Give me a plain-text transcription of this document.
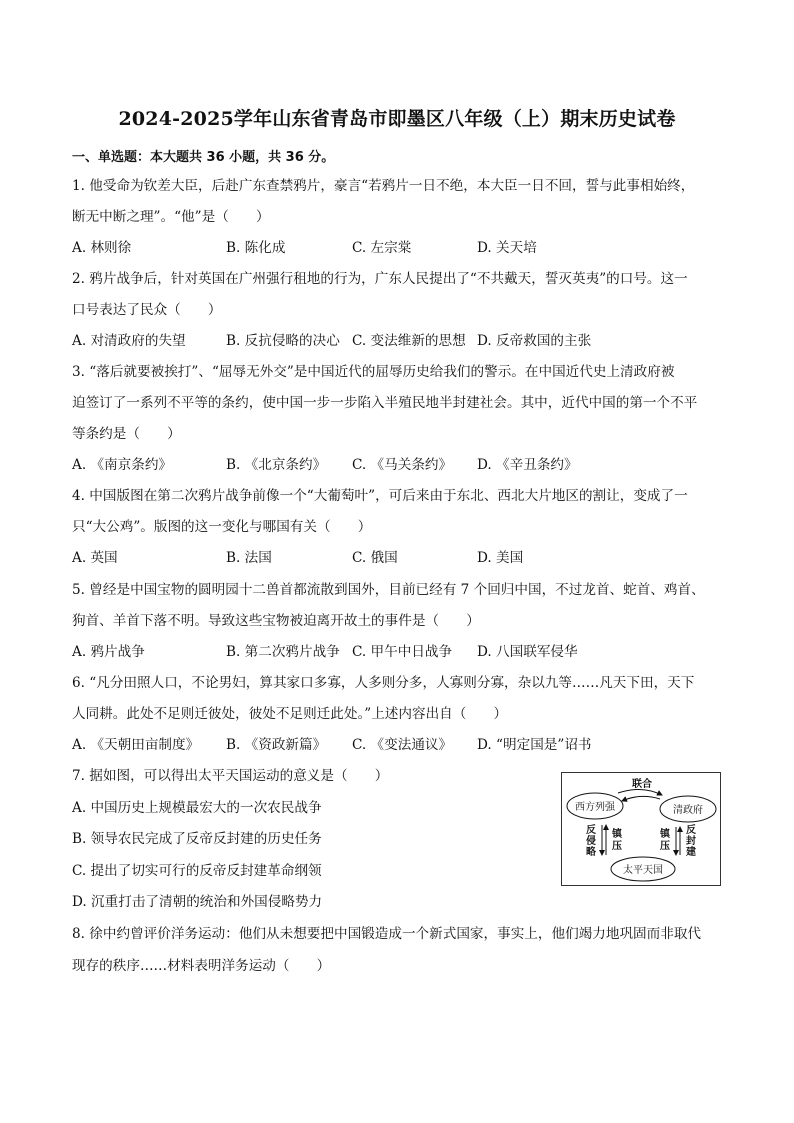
2024-2025学年山东省青岛市即墨区八年级（上）期末历史试卷
一、单选题：本大题共 36 小题，共 36 分。
1. 他受命为钦差大臣，后赴广东查禁鸦片，豪言“若鸦片一日不绝，本大臣一日不回，誓与此事相始终，
断无中断之理”。“他”是（　　）
A. 林则徐	B. 陈化成	C. 左宗棠	D. 关天培
2. 鸦片战争后，针对英国在广州强行租地的行为，广东人民提出了“不共戴天，誓灭英夷”的口号。这一
口号表达了民众（　　）
A. 对清政府的失望	B. 反抗侵略的决心 C. 变法维新的思想 D. 反帝救国的主张
3. “落后就要被挨打”、“屈辱无外交”是中国近代的屈辱历史给我们的警示。在中国近代史上清政府被
迫签订了一系列不平等的条约，使中国一步一步陷入半殖民地半封建社会。其中，近代中国的第一个不平
等条约是（　　）
A. 《南京条约》	B. 《北京条约》 C. 《马关条约》 D. 《辛丑条约》
4. 中国版图在第二次鸦片战争前像一个“大葡萄叶”，可后来由于东北、西北大片地区的割让，变成了一
只“大公鸡”。版图的这一变化与哪国有关（　　）
A. 英国	B. 法国	C. 俄国	D. 美国
5. 曾经是中国宝物的圆明园十二兽首都流散到国外，目前已经有 7 个回归中国，不过龙首、蛇首、鸡首、
狗首、羊首下落不明。导致这些宝物被迫离开故土的事件是（　　）
A. 鸦片战争	B. 第二次鸦片战争 C. 甲午中日战争 D. 八国联军侵华
6. “凡分田照人口，不论男妇，算其家口多寡，人多则分多，人寡则分寡，杂以九等……凡天下田，天下
人同耕。此处不足则迁彼处，彼处不足则迁此处。”上述内容出自（　　）
A. 《天朝田亩制度》 B. 《资政新篇》 C. 《变法通议》 D. “明定国是”诏书
7. 据如图，可以得出太平天国运动的意义是（　　）
A. 中国历史上规模最宏大的一次农民战争
B. 领导农民完成了反帝反封建的历史任务
C. 提出了切实可行的反帝反封建革命纲领
D. 沉重打击了清朝的统治和外国侵略势力
西方列强	清政府
太平天国
联合
反 侵 略
镇 压
镇 压
反 封 建
8. 徐中约曾评价洋务运动：他们从未想要把中国锻造成一个新式国家，事实上，他们竭力地巩固而非取代
现存的秩序……材料表明洋务运动（　　）
